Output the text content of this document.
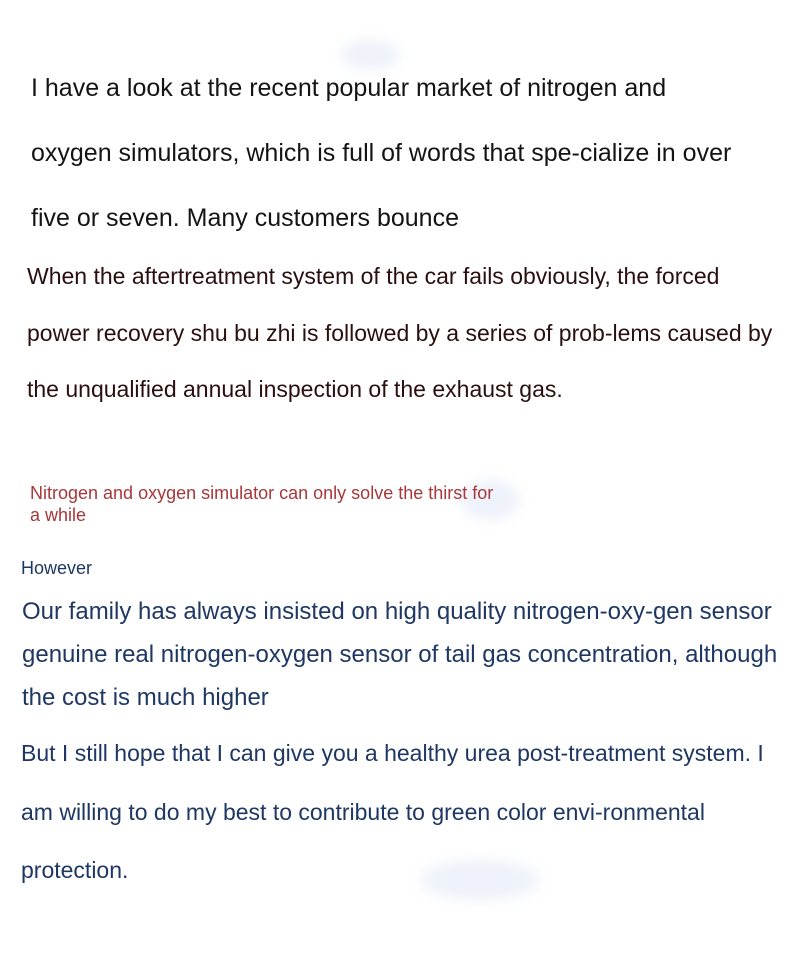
I have a look at the recent popular market of nitrogen and oxygen simulators, which is full of words that spe-cialize in over five or seven. Many customers bounce
When the aftertreatment system of the car fails obviously, the forced power recovery shu bu zhi is followed by a series of prob-lems caused by the unqualified annual inspection of the exhaust gas.
Nitrogen and oxygen simulator can only solve the thirst for a while
However
Our family has always insisted on high quality nitrogen-oxy-gen sensor genuine real nitrogen-oxygen sensor of tail gas concentration, although the cost is much higher
But I still hope that I can give you a healthy urea post-treatment system. I am willing to do my best to contribute to green color envi-ronmental protection.
